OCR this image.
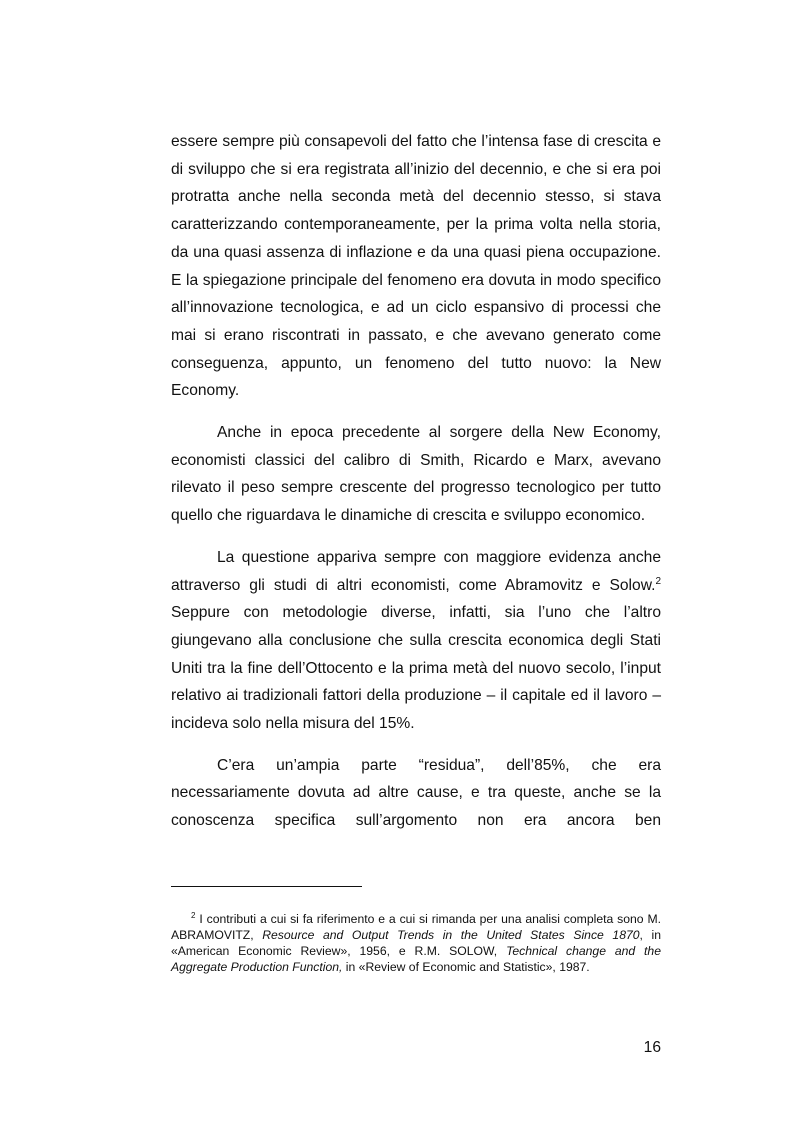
essere sempre più consapevoli del fatto che l’intensa fase di crescita e di sviluppo che si era registrata all’inizio del decennio, e che si era poi protratta anche nella seconda metà del decennio stesso, si stava caratterizzando contemporaneamente, per la prima volta nella storia, da una quasi assenza di inflazione e da una quasi piena occupazione. E la spiegazione principale del fenomeno era dovuta in modo specifico all’innovazione tecnologica, e ad un ciclo espansivo di processi che mai si erano riscontrati in passato, e che avevano generato come conseguenza, appunto, un fenomeno del tutto nuovo: la New Economy.

Anche in epoca precedente al sorgere della New Economy, economisti classici del calibro di Smith, Ricardo e Marx, avevano rilevato il peso sempre crescente del progresso tecnologico per tutto quello che riguardava le dinamiche di crescita e sviluppo economico.

La questione appariva sempre con maggiore evidenza anche attraverso gli studi di altri economisti, come Abramovitz e Solow.$^2$ Seppure con metodologie diverse, infatti, sia l’uno che l’altro giungevano alla conclusione che sulla crescita economica degli Stati Uniti tra la fine dell’Ottocento e la prima metà del nuovo secolo, l’input relativo ai tradizionali fattori della produzione – il capitale ed il lavoro – incideva solo nella misura del 15%.

C’era un’ampia parte “residua”, dell’85%, che era necessariamente dovuta ad altre cause, e tra queste, anche se la conoscenza specifica sull’argomento non era ancora ben

$^2$ I contributi a cui si fa riferimento e a cui si rimanda per una analisi completa sono M. ABRAMOVITZ, Resource and Output Trends in the United States Since 1870, in «American Economic Review», 1956, e R.M. SOLOW, Technical change and the Aggregate Production Function, in «Review of Economic and Statistic», 1987.
16
